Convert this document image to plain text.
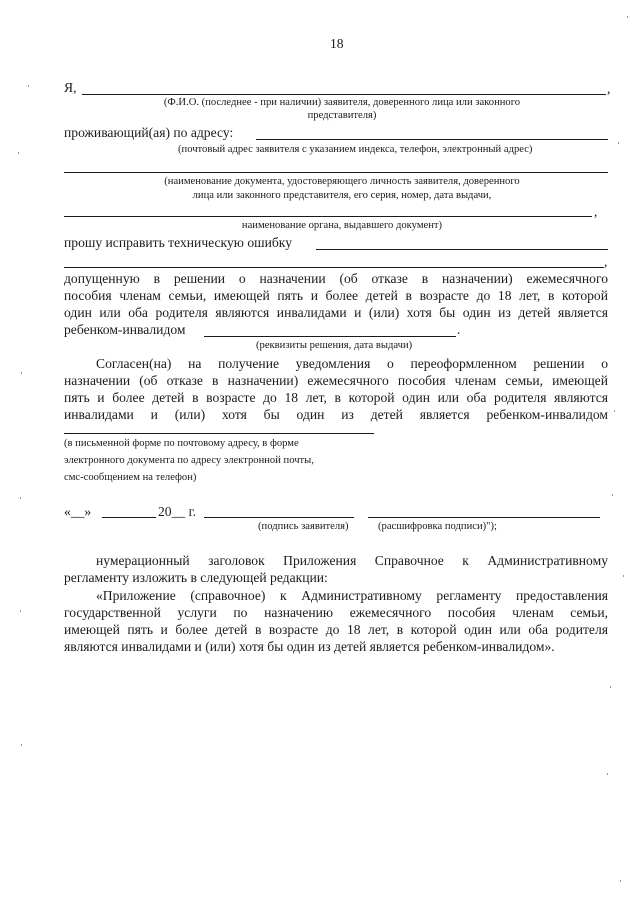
18
Я,	,
(Ф.И.О. (последнее - при наличии) заявителя, доверенного лица или законного
представителя)
проживающий(ая) по адресу:
(почтовый адрес заявителя с указанием индекса, телефон, электронный адрес)
(наименование документа, удостоверяющего личность заявителя, доверенного
лица или законного представителя, его серия, номер, дата выдачи,
,
наименование органа, выдавшего документ)
прошу исправить техническую ошибку
,
допущенную в решении о назначении (об отказе в назначении) ежемесячного
пособия членам семьи, имеющей пять и более детей в возрасте до 18 лет, в которой
один или оба родителя являются инвалидами и (или) хотя бы один из детей является
ребенком-инвалидом	.
(реквизиты решения, дата выдачи)
Согласен(на) на получение уведомления о переоформленном решении о
назначении (об отказе в назначении) ежемесячного пособия членам семьи, имеющей
пять и более детей в возрасте до 18 лет, в которой один или оба родителя являются
инвалидами и (или) хотя бы один из детей является ребенком-инвалидом
(в письменной форме по почтовому адресу, в форме
электронного документа по адресу электронной почты,
смс-сообщением на телефон)
«__»	20__ г.
(подпись заявителя)	(расшифровка подписи)");
нумерационный заголовок Приложения Справочное к Административному
регламенту изложить в следующей редакции:
«Приложение (справочное) к Административному регламенту предоставления
государственной услуги по назначению ежемесячного пособия членам семьи,
имеющей пять и более детей в возрасте до 18 лет, в которой один или оба родителя
являются инвалидами и (или) хотя бы один из детей является ребенком-инвалидом».
